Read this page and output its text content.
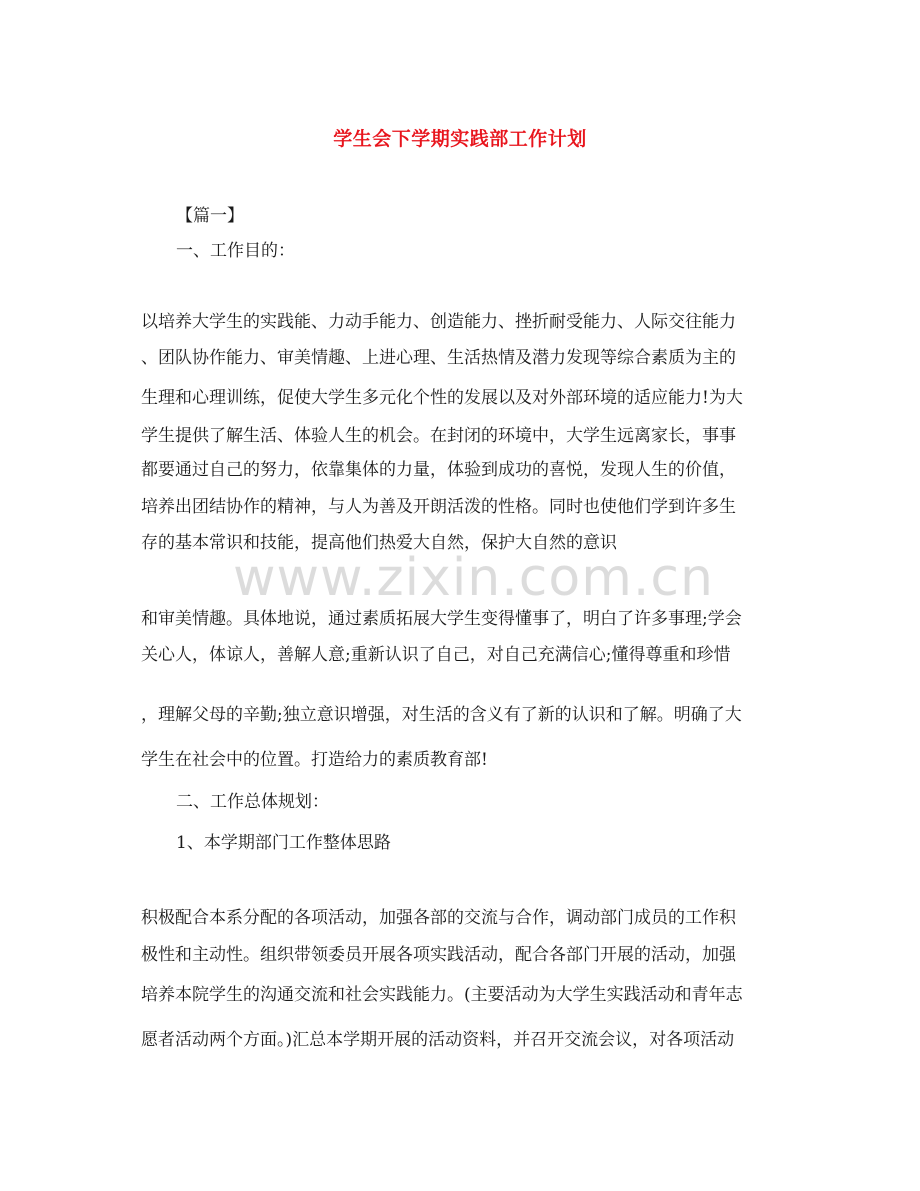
学生会下学期实践部工作计划
【篇一】
一、工作目的：
以培养大学生的实践能、力动手能力、创造能力、挫折耐受能力、人际交往能力
、团队协作能力、审美情趣、上进心理、生活热情及潜力发现等综合素质为主的
生理和心理训练，促使大学生多元化个性的发展以及对外部环境的适应能力!为大
学生提供了解生活、体验人生的机会。在封闭的环境中，大学生远离家长，事事
都要通过自己的努力，依靠集体的力量，体验到成功的喜悦，发现人生的价值，
培养出团结协作的精神，与人为善及开朗活泼的性格。同时也使他们学到许多生
存的基本常识和技能，提高他们热爱大自然，保护大自然的意识
www.zixin.com.cn
和审美情趣。具体地说，通过素质拓展大学生变得懂事了，明白了许多事理;学会
关心人，体谅人，善解人意;重新认识了自己，对自己充满信心;懂得尊重和珍惜
，理解父母的辛勤;独立意识增强，对生活的含义有了新的认识和了解。明确了大
学生在社会中的位置。打造给力的素质教育部!
二、工作总体规划：
1、本学期部门工作整体思路
积极配合本系分配的各项活动，加强各部的交流与合作，调动部门成员的工作积
极性和主动性。组织带领委员开展各项实践活动，配合各部门开展的活动，加强
培养本院学生的沟通交流和社会实践能力。(主要活动为大学生实践活动和青年志
愿者活动两个方面。)汇总本学期开展的活动资料，并召开交流会议，对各项活动
